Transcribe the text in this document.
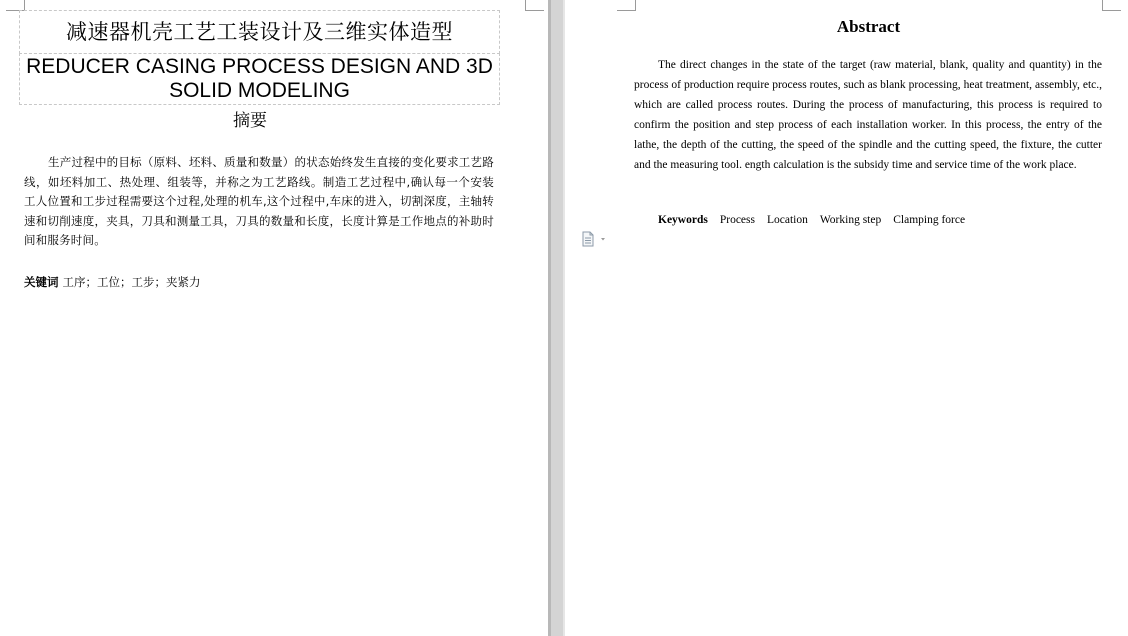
减速器机壳工艺工装设计及三维实体造型
REDUCER CASING PROCESS DESIGN AND 3D SOLID MODELING
摘要

生产过程中的目标（原料、坯料、质量和数量）的状态始终发生直接的变化要求工艺路线，如坯料加工、热处理、组装等，并称之为工艺路线。制造工艺过程中,确认每一个安装工人位置和工步过程需要这个过程,处理的机车,这个过程中,车床的进入，切割深度，主轴转速和切削速度，夹具，刀具和测量工具，刀具的数量和长度，长度计算是工作地点的补助时间和服务时间。

关键词 工序；工位；工步；夹紧力
Abstract

The direct changes in the state of the target (raw material, blank, quality and quantity) in the process of production require process routes, such as blank processing, heat treatment, assembly, etc., which are called process routes. During the process of manufacturing, this process is required to confirm the position and step process of each installation worker. In this process, the entry of the lathe, the depth of the cutting, the speed of the spindle and the cutting speed, the fixture, the cutter and the measuring tool. ength calculation is the subsidy time and service time of the work place.

Keywords Process Location Working step Clamping force
